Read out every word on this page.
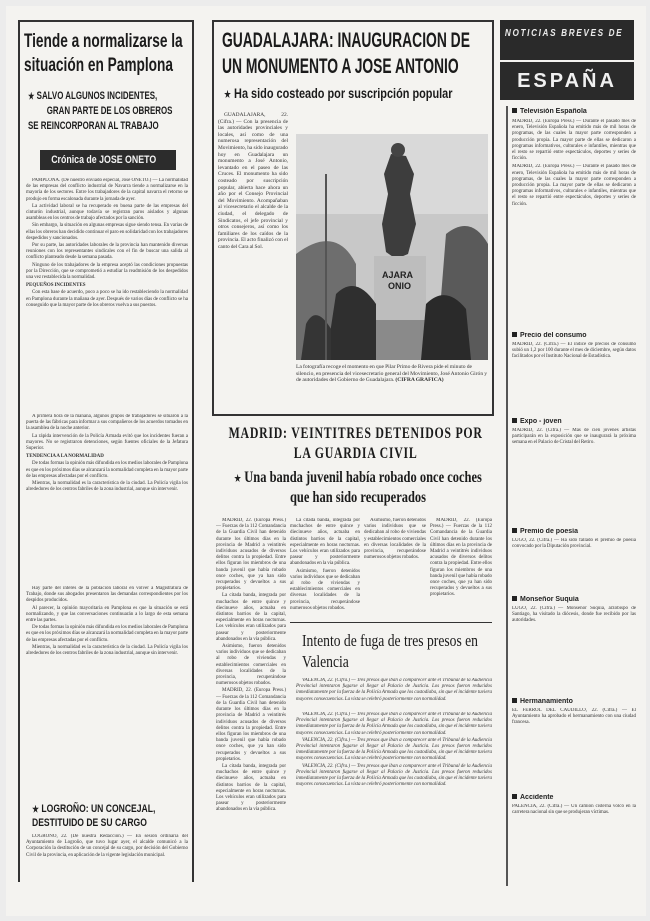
Tiende a normalizarse la situación en Pamplona
SALVO ALGUNOS INCIDENTES,
GRAN PARTE DE LOS OBREROS
SE REINCORPORAN AL TRABAJO
Crónica de JOSE ONETO

PAMPLONA. (De nuestro enviado especial, José ONETO.) — La normalidad de las empresas del conflicto industrial de Navarra tiende a normalizarse en la mayoría de los sectores. Entre los trabajadores de la capital navarra el retorno se produjo en forma escalonada durante la jornada de ayer.

La actividad laboral se ha recuperado en buena parte de las empresas del cinturón industrial, aunque todavía se registran paros aislados y algunas asambleas en los centros de trabajo afectados por la sanción.

Sin embargo, la situación en algunas empresas sigue siendo tensa. En varias de ellas los obreros han decidido continuar el paro en solidaridad con los trabajadores despedidos y sancionados.

Por su parte, las autoridades laborales de la provincia han mantenido diversas reuniones con los representantes sindicales con el fin de buscar una salida al conflicto planteado desde la semana pasada.

Ninguno de los trabajadores de la empresa aceptó las condiciones propuestas por la Dirección, que se comprometió a estudiar la readmisión de los despedidos una vez restablecida la normalidad.

PEQUEÑOS INCIDENTES

Con esta base de acuerdo, poco a poco se ha ido restableciendo la normalidad en Pamplona durante la mañana de ayer. Después de varios días de conflicto se ha conseguido que la mayor parte de los obreros vuelva a sus puestos.

A primera hora de la mañana, algunos grupos de trabajadores se situaron a la puerta de las fábricas para informar a sus compañeros de los acuerdos tomados en la asamblea de la noche anterior.

La rápida intervención de la Policía Armada evitó que los incidentes fueran a mayores. No se registraron detenciones, según fuentes oficiales de la Jefatura Superior.

TENDENCIA A LA NORMALIDAD

De todas formas la opinión más difundida en los medios laborales de Pamplona es que en los próximos días se alcanzará la normalidad completa en la mayor parte de las empresas afectadas por el conflicto.

Mientras, la normalidad es la característica de la ciudad. La Policía vigila los alrededores de los centros fabriles de la zona industrial, aunque sin intervenir.

Hay parte del interés de la población laboral en volver a Magistratura de Trabajo, donde sus abogados presentaron las demandas correspondientes por los despidos producidos.

Al parecer, la opinión mayoritaria en Pamplona es que la situación se está normalizando, y que las conversaciones continuarán a lo largo de esta semana entre las partes.

De todas formas la opinión más difundida en los medios laborales de Pamplona es que en los próximos días se alcanzará la normalidad completa en la mayor parte de las empresas afectadas por el conflicto.

Mientras, la normalidad es la característica de la ciudad. La Policía vigila los alrededores de los centros fabriles de la zona industrial, aunque sin intervenir.

LOGROÑO: UN CONCEJAL, DESTITUIDO DE SU CARGO

LOGROÑO, 22. (De nuestra Redacción.) — En sesión ordinaria del Ayuntamiento de Logroño, que tuvo lugar ayer, el alcalde comunicó a la Corporación la destitución de un concejal de su cargo, por decisión del Gobierno Civil de la provincia, en aplicación de la vigente legislación municipal.

GUADALAJARA: INAUGURACION DE UN MONUMENTO A JOSE ANTONIO
Ha sido costeado por suscripción popular

GUADALAJARA, 22. (Cifra.) — Con la presencia de las autoridades provinciales y locales, así como de una numerosa representación del Movimiento, ha sido inaugurado hoy en Guadalajara un monumento a José Antonio, levantado en el paseo de las Cruces. El monumento ha sido costeado por suscripción popular, abierta hace ahora un año por el Consejo Provincial del Movimiento. Acompañaban al vicesecretario el alcalde de la ciudad, el delegado de Sindicatos, el jefe provincial y otros consejeros, así como los familiares de los caídos de la provincia. El acto finalizó con el canto del Cara al Sol.

AJARA
ONIO
La fotografía recoge el momento en que Pilar Primo de Rivera pide el minuto de silencio, en presencia del vicesecretario general del Movimiento, José Antonio Girón y de autoridades del Gobierno de Guadalajara. (CIFRA GRAFICA)
MADRID: VEINTITRES DETENIDOS POR LA GUARDIA CIVIL
Una banda juvenil había robado once coches que han sido recuperados

MADRID, 22. (Europa Press.) — Fuerzas de la 112 Comandancia de la Guardia Civil han detenido durante los últimos días en la provincia de Madrid a veintitrés individuos acusados de diversos delitos contra la propiedad. Entre ellos figuran los miembros de una banda juvenil que había robado once coches, que ya han sido recuperados y devueltos a sus propietarios.

La citada banda, integrada por muchachos de entre quince y diecinueve años, actuaba en distintos barrios de la capital, especialmente en horas nocturnas. Los vehículos eran utilizados para pasear y posteriormente abandonados en la vía pública.

Asimismo, fueron detenidos varios individuos que se dedicaban al robo de viviendas y establecimientos comerciales en diversas localidades de la provincia, recuperándose numerosos objetos robados.

MADRID, 22. (Europa Press.) — Fuerzas de la 112 Comandancia de la Guardia Civil han detenido durante los últimos días en la provincia de Madrid a veintitrés individuos acusados de diversos delitos contra la propiedad. Entre ellos figuran los miembros de una banda juvenil que había robado once coches, que ya han sido recuperados y devueltos a sus propietarios.

La citada banda, integrada por muchachos de entre quince y diecinueve años, actuaba en distintos barrios de la capital, especialmente en horas nocturnas. Los vehículos eran utilizados para pasear y posteriormente abandonados en la vía pública.

La citada banda, integrada por muchachos de entre quince y diecinueve años, actuaba en distintos barrios de la capital, especialmente en horas nocturnas. Los vehículos eran utilizados para pasear y posteriormente abandonados en la vía pública.

Asimismo, fueron detenidos varios individuos que se dedicaban al robo de viviendas y establecimientos comerciales en diversas localidades de la provincia, recuperándose numerosos objetos robados.

Asimismo, fueron detenidos varios individuos que se dedicaban al robo de viviendas y establecimientos comerciales en diversas localidades de la provincia, recuperándose numerosos objetos robados.

MADRID, 22. (Europa Press.) — Fuerzas de la 112 Comandancia de la Guardia Civil han detenido durante los últimos días en la provincia de Madrid a veintitrés individuos acusados de diversos delitos contra la propiedad. Entre ellos figuran los miembros de una banda juvenil que había robado once coches, que ya han sido recuperados y devueltos a sus propietarios.

Intento de fuga de tres presos en Valencia

VALENCIA, 22. (Cifra.) — Tres presos que iban a comparecer ante el Tribunal de la Audiencia Provincial intentaron fugarse al llegar al Palacio de Justicia. Los presos fueron reducidos inmediatamente por la fuerza de la Policía Armada que los custodiaba, sin que el incidente tuviera mayores consecuencias. La vista se celebró posteriormente con normalidad.

VALENCIA, 22. (Cifra.) — Tres presos que iban a comparecer ante el Tribunal de la Audiencia Provincial intentaron fugarse al llegar al Palacio de Justicia. Los presos fueron reducidos inmediatamente por la fuerza de la Policía Armada que los custodiaba, sin que el incidente tuviera mayores consecuencias. La vista se celebró posteriormente con normalidad.

VALENCIA, 22. (Cifra.) — Tres presos que iban a comparecer ante el Tribunal de la Audiencia Provincial intentaron fugarse al llegar al Palacio de Justicia. Los presos fueron reducidos inmediatamente por la fuerza de la Policía Armada que los custodiaba, sin que el incidente tuviera mayores consecuencias. La vista se celebró posteriormente con normalidad.

VALENCIA, 22. (Cifra.) — Tres presos que iban a comparecer ante el Tribunal de la Audiencia Provincial intentaron fugarse al llegar al Palacio de Justicia. Los presos fueron reducidos inmediatamente por la fuerza de la Policía Armada que los custodiaba, sin que el incidente tuviera mayores consecuencias. La vista se celebró posteriormente con normalidad.

NOTICIAS BREVES DE
ESPAÑA
Televisión Española
MADRID, 22. (Europa Press.) — Durante el pasado mes de enero, Televisión Española ha emitido más de mil horas de programas, de las cuales la mayor parte corresponden a producción propia. La mayor parte de ellas se dedicaron a programas informativos, culturales e infantiles, mientras que el resto se repartió entre espectáculos, deportes y series de ficción.
MADRID, 22. (Europa Press.) — Durante el pasado mes de enero, Televisión Española ha emitido más de mil horas de programas, de las cuales la mayor parte corresponden a producción propia. La mayor parte de ellas se dedicaron a programas informativos, culturales e infantiles, mientras que el resto se repartió entre espectáculos, deportes y series de ficción.
Precio del consumo
MADRID, 22. (Cifra.) — El índice de precios de consumo subió un 1,2 por 100 durante el mes de diciembre, según datos facilitados por el Instituto Nacional de Estadística.
Expo - joven
MADRID, 22. (Cifra.) — Más de cien jóvenes artistas participarán en la exposición que se inaugurará la próxima semana en el Palacio de Cristal del Retiro.
Premio de poesía
LUGO, 22. (Cifra.) — Ha sido fallado el premio de poesía convocado por la Diputación provincial.
Monseñor Suquía
LUGO, 22. (Cifra.) — Monseñor Suquía, arzobispo de Santiago, ha visitado la diócesis, donde fue recibido por las autoridades.
Hermanamiento
EL FERROL DEL CAUDILLO, 22. (Cifra.) — El Ayuntamiento ha aprobado el hermanamiento con una ciudad francesa.
Accidente
PALENCIA, 22. (Cifra.) — Un camión cisterna volcó en la carretera nacional sin que se produjeran víctimas.
